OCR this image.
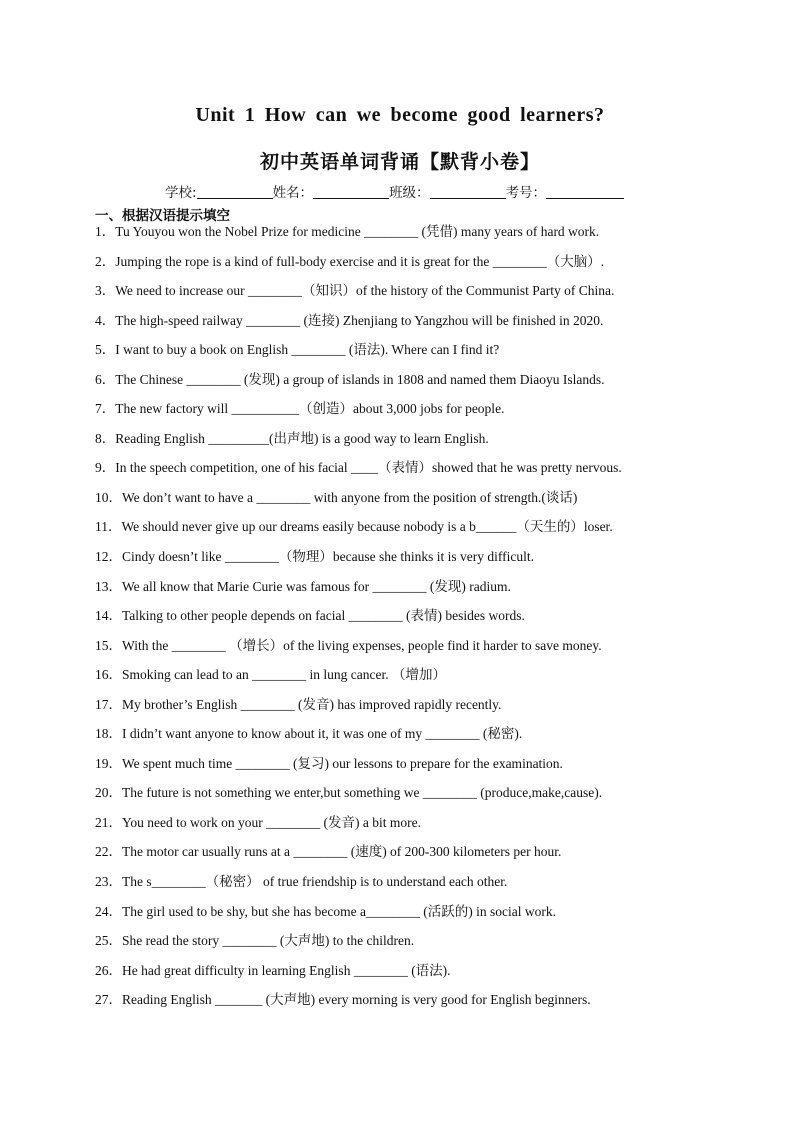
Unit 1 How can we become good learners?
初中英语单词背诵【默背小卷】
学校:	姓名：	班级：	考号：
一、根据汉语提示填空
1．Tu Youyou won the Nobel Prize for medicine ________ (凭借) many years of hard work.
2．Jumping the rope is a kind of full-body exercise and it is great for the ________（大脑）.
3．We need to increase our ________（知识）of the history of the Communist Party of China.
4．The high-speed railway ________ (连接) Zhenjiang to Yangzhou will be finished in 2020.
5．I want to buy a book on English ________ (语法). Where can I find it?
6．The Chinese ________ (发现) a group of islands in 1808 and named them Diaoyu Islands.
7．The new factory will __________（创造）about 3,000 jobs for people.
8．Reading English _________(出声地) is a good way to learn English.
9．In the speech competition, one of his facial ____（表情）showed that he was pretty nervous.
10．We don’t want to have a ________ with anyone from the position of strength.(谈话)
11．We should never give up our dreams easily because nobody is a b______（天生的）loser.
12．Cindy doesn’t like ________（物理）because she thinks it is very difficult.
13．We all know that Marie Curie was famous for ________ (发现) radium.
14．Talking to other people depends on facial ________ (表情) besides words.
15．With the ________ （增长）of the living expenses, people find it harder to save money.
16．Smoking can lead to an ________ in lung cancer. （增加）
17．My brother’s English ________ (发音) has improved rapidly recently.
18．I didn’t want anyone to know about it, it was one of my ________ (秘密).
19．We spent much time ________ (复习) our lessons to prepare for the examination.
20．The future is not something we enter,but something we ________ (produce,make,cause).
21．You need to work on your ________ (发音) a bit more.
22．The motor car usually runs at a ________ (速度) of 200-300 kilometers per hour.
23．The s________（秘密） of true friendship is to understand each other.
24．The girl used to be shy, but she has become a________ (活跃的) in social work.
25．She read the story ________ (大声地) to the children.
26．He had great difficulty in learning English ________ (语法).
27．Reading English _______ (大声地) every morning is very good for English beginners.
